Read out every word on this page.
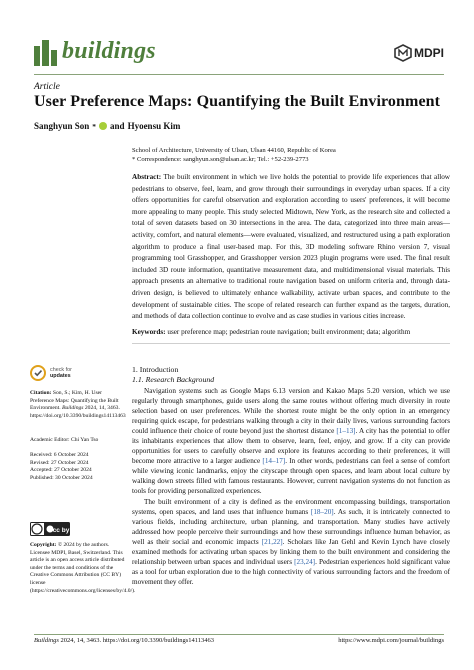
buildings	MDPI
Article
User Preference Maps: Quantifying the Built Environment
Sanghyun Son * and Hyoensu Kim
School of Architecture, University of Ulsan, Ulsan 44160, Republic of Korea
* Correspondence: sanghyun.son@ulsan.ac.kr; Tel.: +52-239-2773
Abstract: The built environment in which we live holds the potential to provide life experiences that allow pedestrians to observe, feel, learn, and grow through their surroundings in everyday urban spaces. If a city offers opportunities for careful observation and exploration according to users' preferences, it will become more appealing to many people. This study selected Midtown, New York, as the research site and collected a total of seven datasets based on 30 intersections in the area. The data, categorized into three main areas—activity, comfort, and natural elements—were evaluated, visualized, and restructured using a path exploration algorithm to produce a final user-based map. For this, 3D modeling software Rhino version 7, visual programming tool Grasshopper, and Grasshopper version 2023 plugin programs were used. The final result included 3D route information, quantitative measurement data, and multidimensional visual materials. This approach presents an alternative to traditional route navigation based on uniform criteria and, through data-driven design, is believed to ultimately enhance walkability, activate urban spaces, and contribute to the development of sustainable cities. The scope of related research can further expand as the targets, duration, and methods of data collection continue to evolve and as case studies in various cities increase.
Keywords: user preference map; pedestrian route navigation; built environment; data; algorithm
1. Introduction
1.1. Research Background

Navigation systems such as Google Maps 6.13 version and Kakao Maps 5.20 version, which we use regularly through smartphones, guide users along the same routes without offering much diversity in route selection based on user preferences. While the shortest route might be the only option in an emergency requiring quick escape, for pedestrians walking through a city in their daily lives, various surrounding factors could influence their choice of route beyond just the shortest distance [1–13]. A city has the potential to offer its inhabitants experiences that allow them to observe, learn, feel, enjoy, and grow. If a city can provide opportunities for users to carefully observe and explore its features according to their preferences, it will become more attractive to a larger audience [14–17]. In other words, pedestrians can feel a sense of comfort while viewing iconic landmarks, enjoy the cityscape through open spaces, and learn about local culture by walking down streets filled with famous restaurants. However, current navigation systems do not function as tools for providing personalized experiences.

The built environment of a city is defined as the environment encompassing buildings, transportation systems, open spaces, and land uses that influence humans [18–20]. As such, it is intricately connected to various fields, including architecture, urban planning, and transportation. Many studies have actively addressed how people perceive their surroundings and how these surroundings influence human behavior, as well as their social and economic impacts [21,22]. Scholars like Jan Gehl and Kevin Lynch have closely examined methods for activating urban spaces by linking them to the built environment and considering the relationship between urban spaces and individual users [23,24]. Pedestrian experiences hold significant value as a tool for urban exploration due to the high connectivity of various surrounding factors and the freedom of movement they offer.

check for
updates
Citation: Son, S.; Kim, H. User Preference Maps: Quantifying the Built Environment. Buildings 2024, 14, 3463. https://doi.org/10.3390/buildings14113463
Academic Editor: Chi Yan Tso
Received: 6 October 2024
Revised: 27 October 2024
Accepted: 27 October 2024
Published: 30 October 2024
cc by
Copyright: © 2024 by the authors. Licensee MDPI, Basel, Switzerland. This article is an open access article distributed under the terms and conditions of the Creative Commons Attribution (CC BY) license (https://creativecommons.org/licenses/by/4.0/).
Buildings 2024, 14, 3463. https://doi.org/10.3390/buildings14113463	https://www.mdpi.com/journal/buildings
